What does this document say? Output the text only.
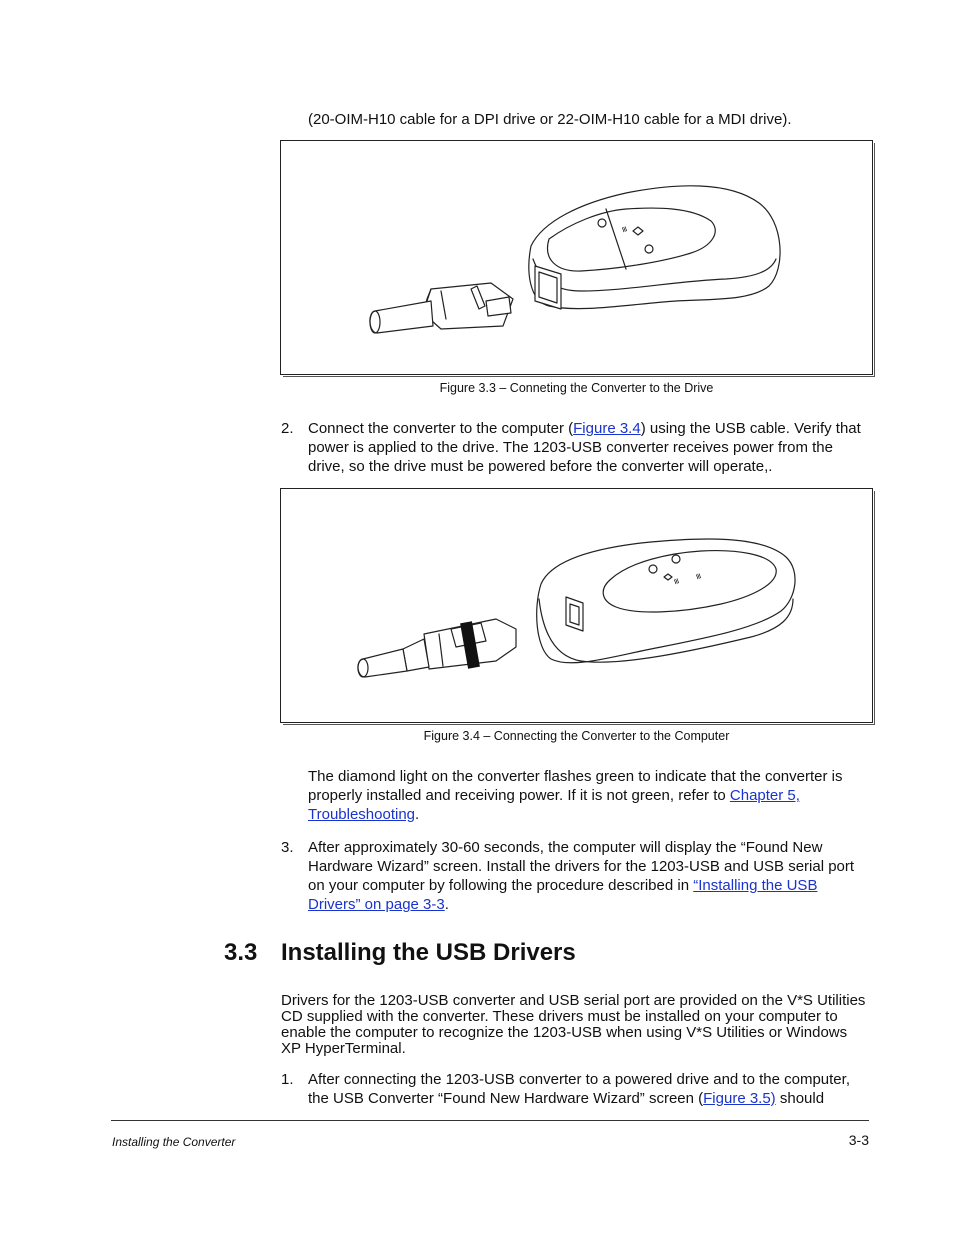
(20-OIM-H10 cable for a DPI drive or 22-OIM-H10 cable for a MDI drive).
≡
Figure 3.3 – Conneting the Converter to the Drive
2. Connect the converter to the computer (Figure 3.4) using the USB cable. Verify that power is applied to the drive. The 1203-USB converter receives power from the drive, so the drive must be powered before the converter will operate,.
≡
≡
Figure 3.4 – Connecting the Converter to the Computer
The diamond light on the converter flashes green to indicate that the converter is properly installed and receiving power. If it is not green, refer to Chapter 5, Troubleshooting.
3. After approximately 30-60 seconds, the computer will display the “Found New Hardware Wizard” screen. Install the drivers for the 1203-USB and USB serial port on your computer by following the procedure described in “Installing the USB Drivers” on page 3-3.
3.3 Installing the USB Drivers
Drivers for the 1203-USB converter and USB serial port are provided on the V*S Utilities CD supplied with the converter. These drivers must be installed on your computer to enable the computer to recognize the 1203-USB when using V*S Utilities or Windows XP HyperTerminal.
1. After connecting the 1203-USB converter to a powered drive and to the computer, the USB Converter “Found New Hardware Wizard” screen (Figure 3.5) should
Installing the Converter	3-3
